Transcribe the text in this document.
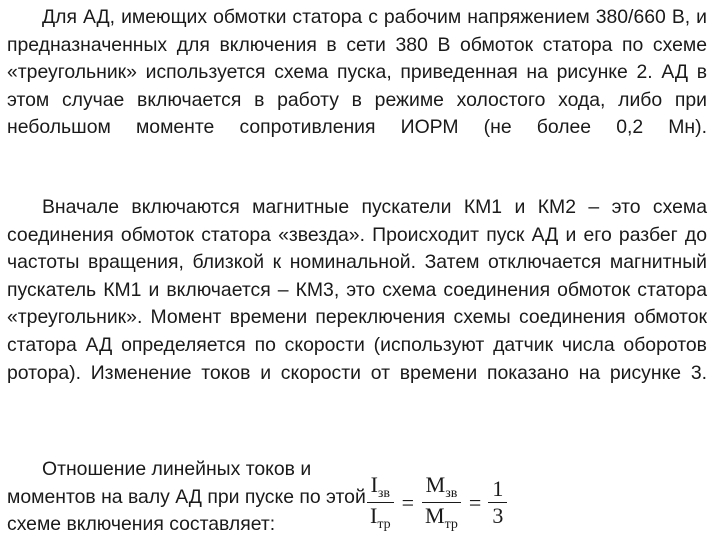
Для АД, имеющих обмотки статора с рабочим напряжением 380/660 В, и предназначенных для включения в сети 380 В обмоток статора по схеме «треугольник» используется схема пуска, приведенная на рисунке 2. АД в этом случае включается в работу в режиме холостого хода, либо при небольшом моменте сопротивления ИОРМ (не более 0,2 Мн).

Вначале включаются магнитные пускатели КМ1 и КМ2 – это схема соединения обмоток статора «звезда». Происходит пуск АД и его разбег до частоты вращения, близкой к номинальной. Затем отключается магнитный пускатель КМ1 и включается – КМ3, это схема соединения обмоток статора «треугольник». Момент времени переключения схемы соединения обмоток статора АД определяется по скорости (используют датчик числа оборотов ротора). Изменение токов и скорости от времени показано на рисунке 3.

Отношение линейных токов и моментов на валу АД при пуске по этой схеме включения составляет:	$\frac{I_{зв}}{I_{тр}} = \frac{M_{зв}}{M_{тр}} = \frac{1}{3}$
